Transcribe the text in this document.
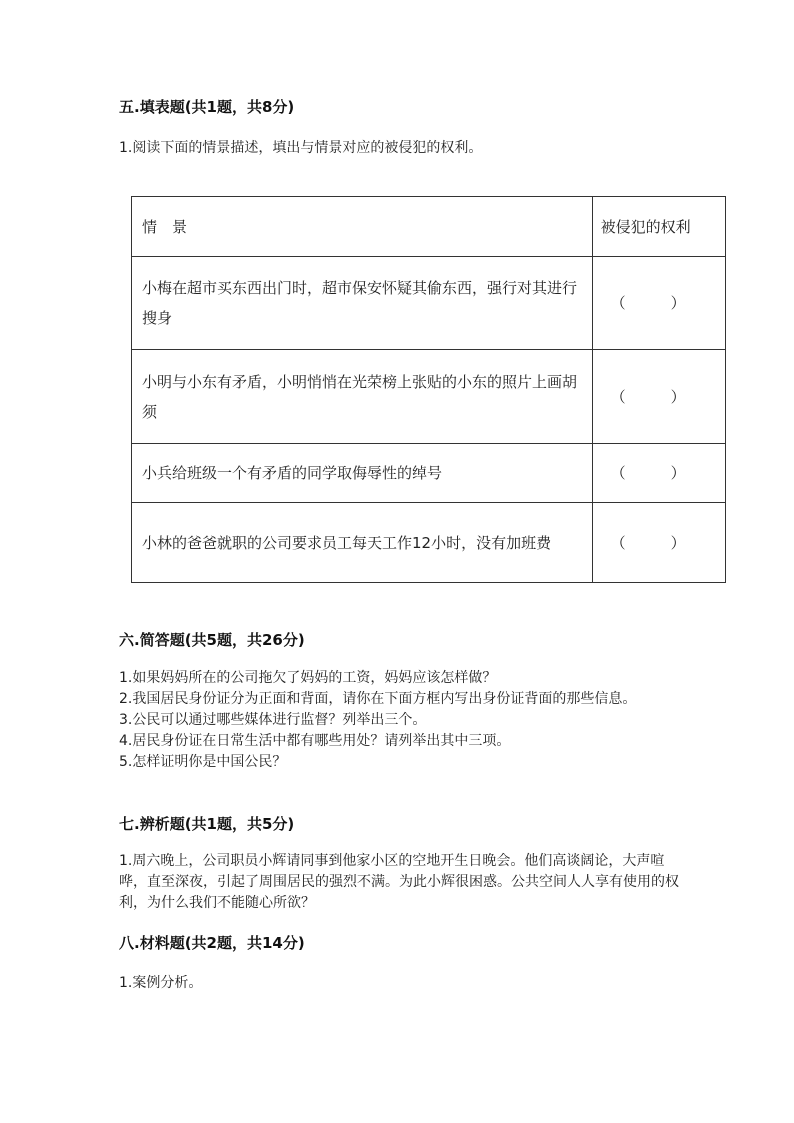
五.填表题(共1题，共8分)
1.阅读下面的情景描述，填出与情景对应的被侵犯的权利。
情　景	被侵犯的权利
小梅在超市买东西出门时，超市保安怀疑其偷东西，强行对其进行搜身	（　　　）
小明与小东有矛盾，小明悄悄在光荣榜上张贴的小东的照片上画胡须	（　　　）
小兵给班级一个有矛盾的同学取侮辱性的绰号	（　　　）
小林的爸爸就职的公司要求员工每天工作12小时，没有加班费	（　　　）
六.简答题(共5题，共26分)

1.如果妈妈所在的公司拖欠了妈妈的工资，妈妈应该怎样做？

2.我国居民身份证分为正面和背面，请你在下面方框内写出身份证背面的那些信息。

3.公民可以通过哪些媒体进行监督？列举出三个。

4.居民身份证在日常生活中都有哪些用处？请列举出其中三项。

5.怎样证明你是中国公民？

七.辨析题(共1题，共5分)
1.周六晚上，公司职员小辉请同事到他家小区的空地开生日晚会。他们高谈阔论，大声喧哗，直至深夜，引起了周围居民的强烈不满。为此小辉很困惑。公共空间人人享有使用的权利，为什么我们不能随心所欲？
八.材料题(共2题，共14分)
1.案例分析。
